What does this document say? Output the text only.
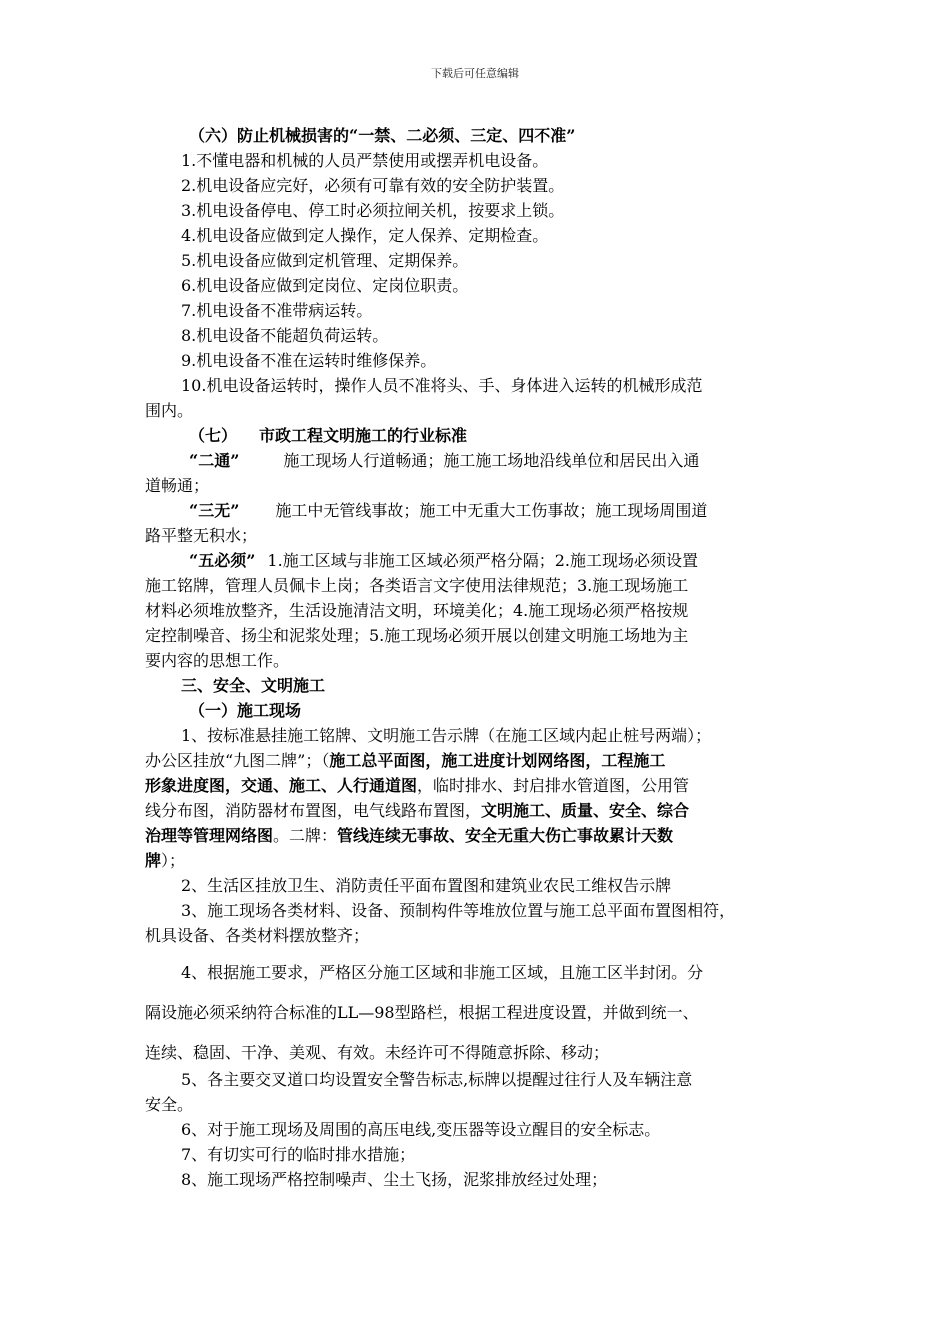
下载后可任意编辑
（六）防止机械损害的“一禁、二必须、三定、四不准”
1.不懂电器和机械的人员严禁使用或摆弄机电设备。
2.机电设备应完好，必须有可靠有效的安全防护装置。
3.机电设备停电、停工时必须拉闸关机，按要求上锁。
4.机电设备应做到定人操作，定人保养、定期检查。
5.机电设备应做到定机管理、定期保养。
6.机电设备应做到定岗位、定岗位职责。
7.机电设备不准带病运转。
8.机电设备不能超负荷运转。
9.机电设备不准在运转时维修保养。
10.机电设备运转时，操作人员不准将头、手、身体进入运转的机械形成范
围内。
（七） 市政工程文明施工的行业标准
“二通”	施工现场人行道畅通；施工施工场地沿线单位和居民出入通
道畅通；
“三无” 施工中无管线事故；施工中无重大工伤事故；施工现场周围道
路平整无积水；
“五必须” 1.施工区域与非施工区域必须严格分隔；2.施工现场必须设置
施工铭牌，管理人员佩卡上岗；各类语言文字使用法律规范；3.施工现场施工
材料必须堆放整齐，生活设施清洁文明，环境美化；4.施工现场必须严格按规
定控制噪音、扬尘和泥浆处理；5.施工现场必须开展以创建文明施工场地为主
要内容的思想工作。
三、安全、文明施工
（一）施工现场
1、按标准悬挂施工铭牌、文明施工告示牌（在施工区域内起止桩号两端）；
办公区挂放“九图二牌”；（施工总平面图，施工进度计划网络图，工程施工
形象进度图，交通、施工、人行通道图，临时排水、封启排水管道图，公用管
线分布图，消防器材布置图，电气线路布置图，文明施工、质量、安全、综合
治理等管理网络图。二牌：管线连续无事故、安全无重大伤亡事故累计天数
牌）；
2、生活区挂放卫生、消防责任平面布置图和建筑业农民工维权告示牌
3、施工现场各类材料、设备、预制构件等堆放位置与施工总平面布置图相符，
机具设备、各类材料摆放整齐；
4、根据施工要求，严格区分施工区域和非施工区域，且施工区半封闭。分
隔设施必须采纳符合标准的LL—98型路栏，根据工程进度设置，并做到统一、
连续、稳固、干净、美观、有效。未经许可不得随意拆除、移动；
5、各主要交叉道口均设置安全警告标志,标牌以提醒过往行人及车辆注意
安全。
6、对于施工现场及周围的高压电线,变压器等设立醒目的安全标志。
7、有切实可行的临时排水措施；
8、施工现场严格控制噪声、尘土飞扬，泥浆排放经过处理；
